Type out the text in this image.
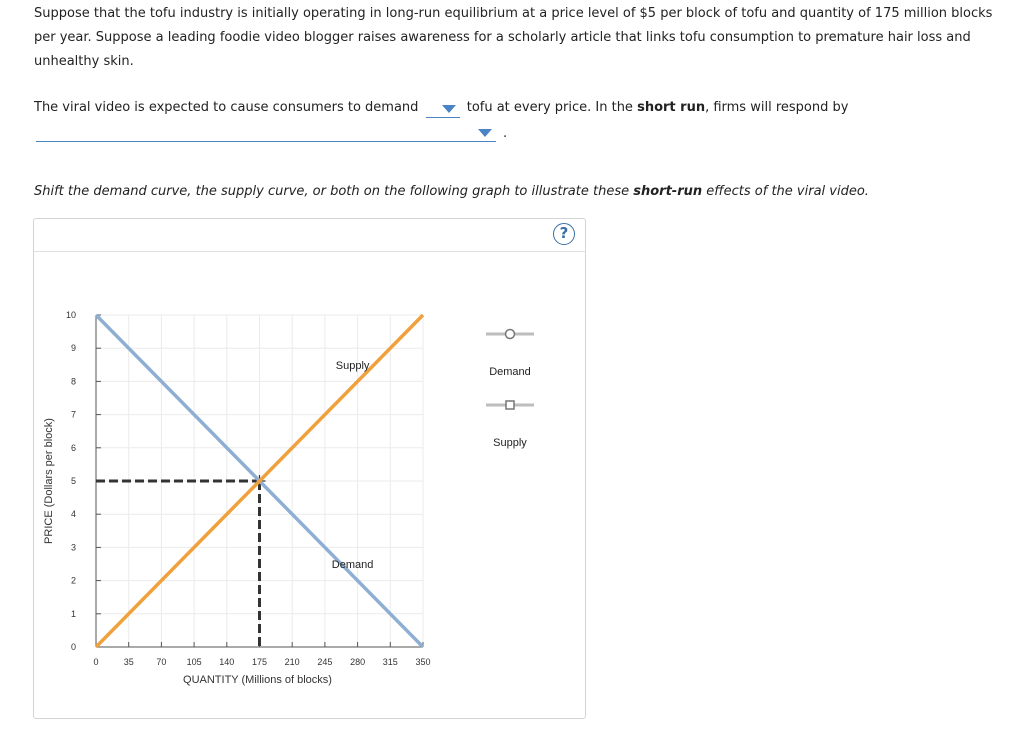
Suppose that the tofu industry is initially operating in long-run equilibrium at a price level of $5 per block of tofu and quantity of 175 million blocks per year. Suppose a leading foodie video blogger raises awareness for a scholarly article that links tofu consumption to premature hair loss and unhealthy skin.

The viral video is expected to cause consumers to demand	tofu at every price. In the short run, firms will respond by
.
Shift the demand curve, the supply curve, or both on the following graph to illustrate these short-run effects of the viral video.
?
0
1
2
3
4
5
6
7
8
9
10
0	35	70 105 140 175 210 245 280 315 350
QUANTITY (Millions of blocks)
PRICE (Dollars per block)
Demand
Supply
Demand
Supply
